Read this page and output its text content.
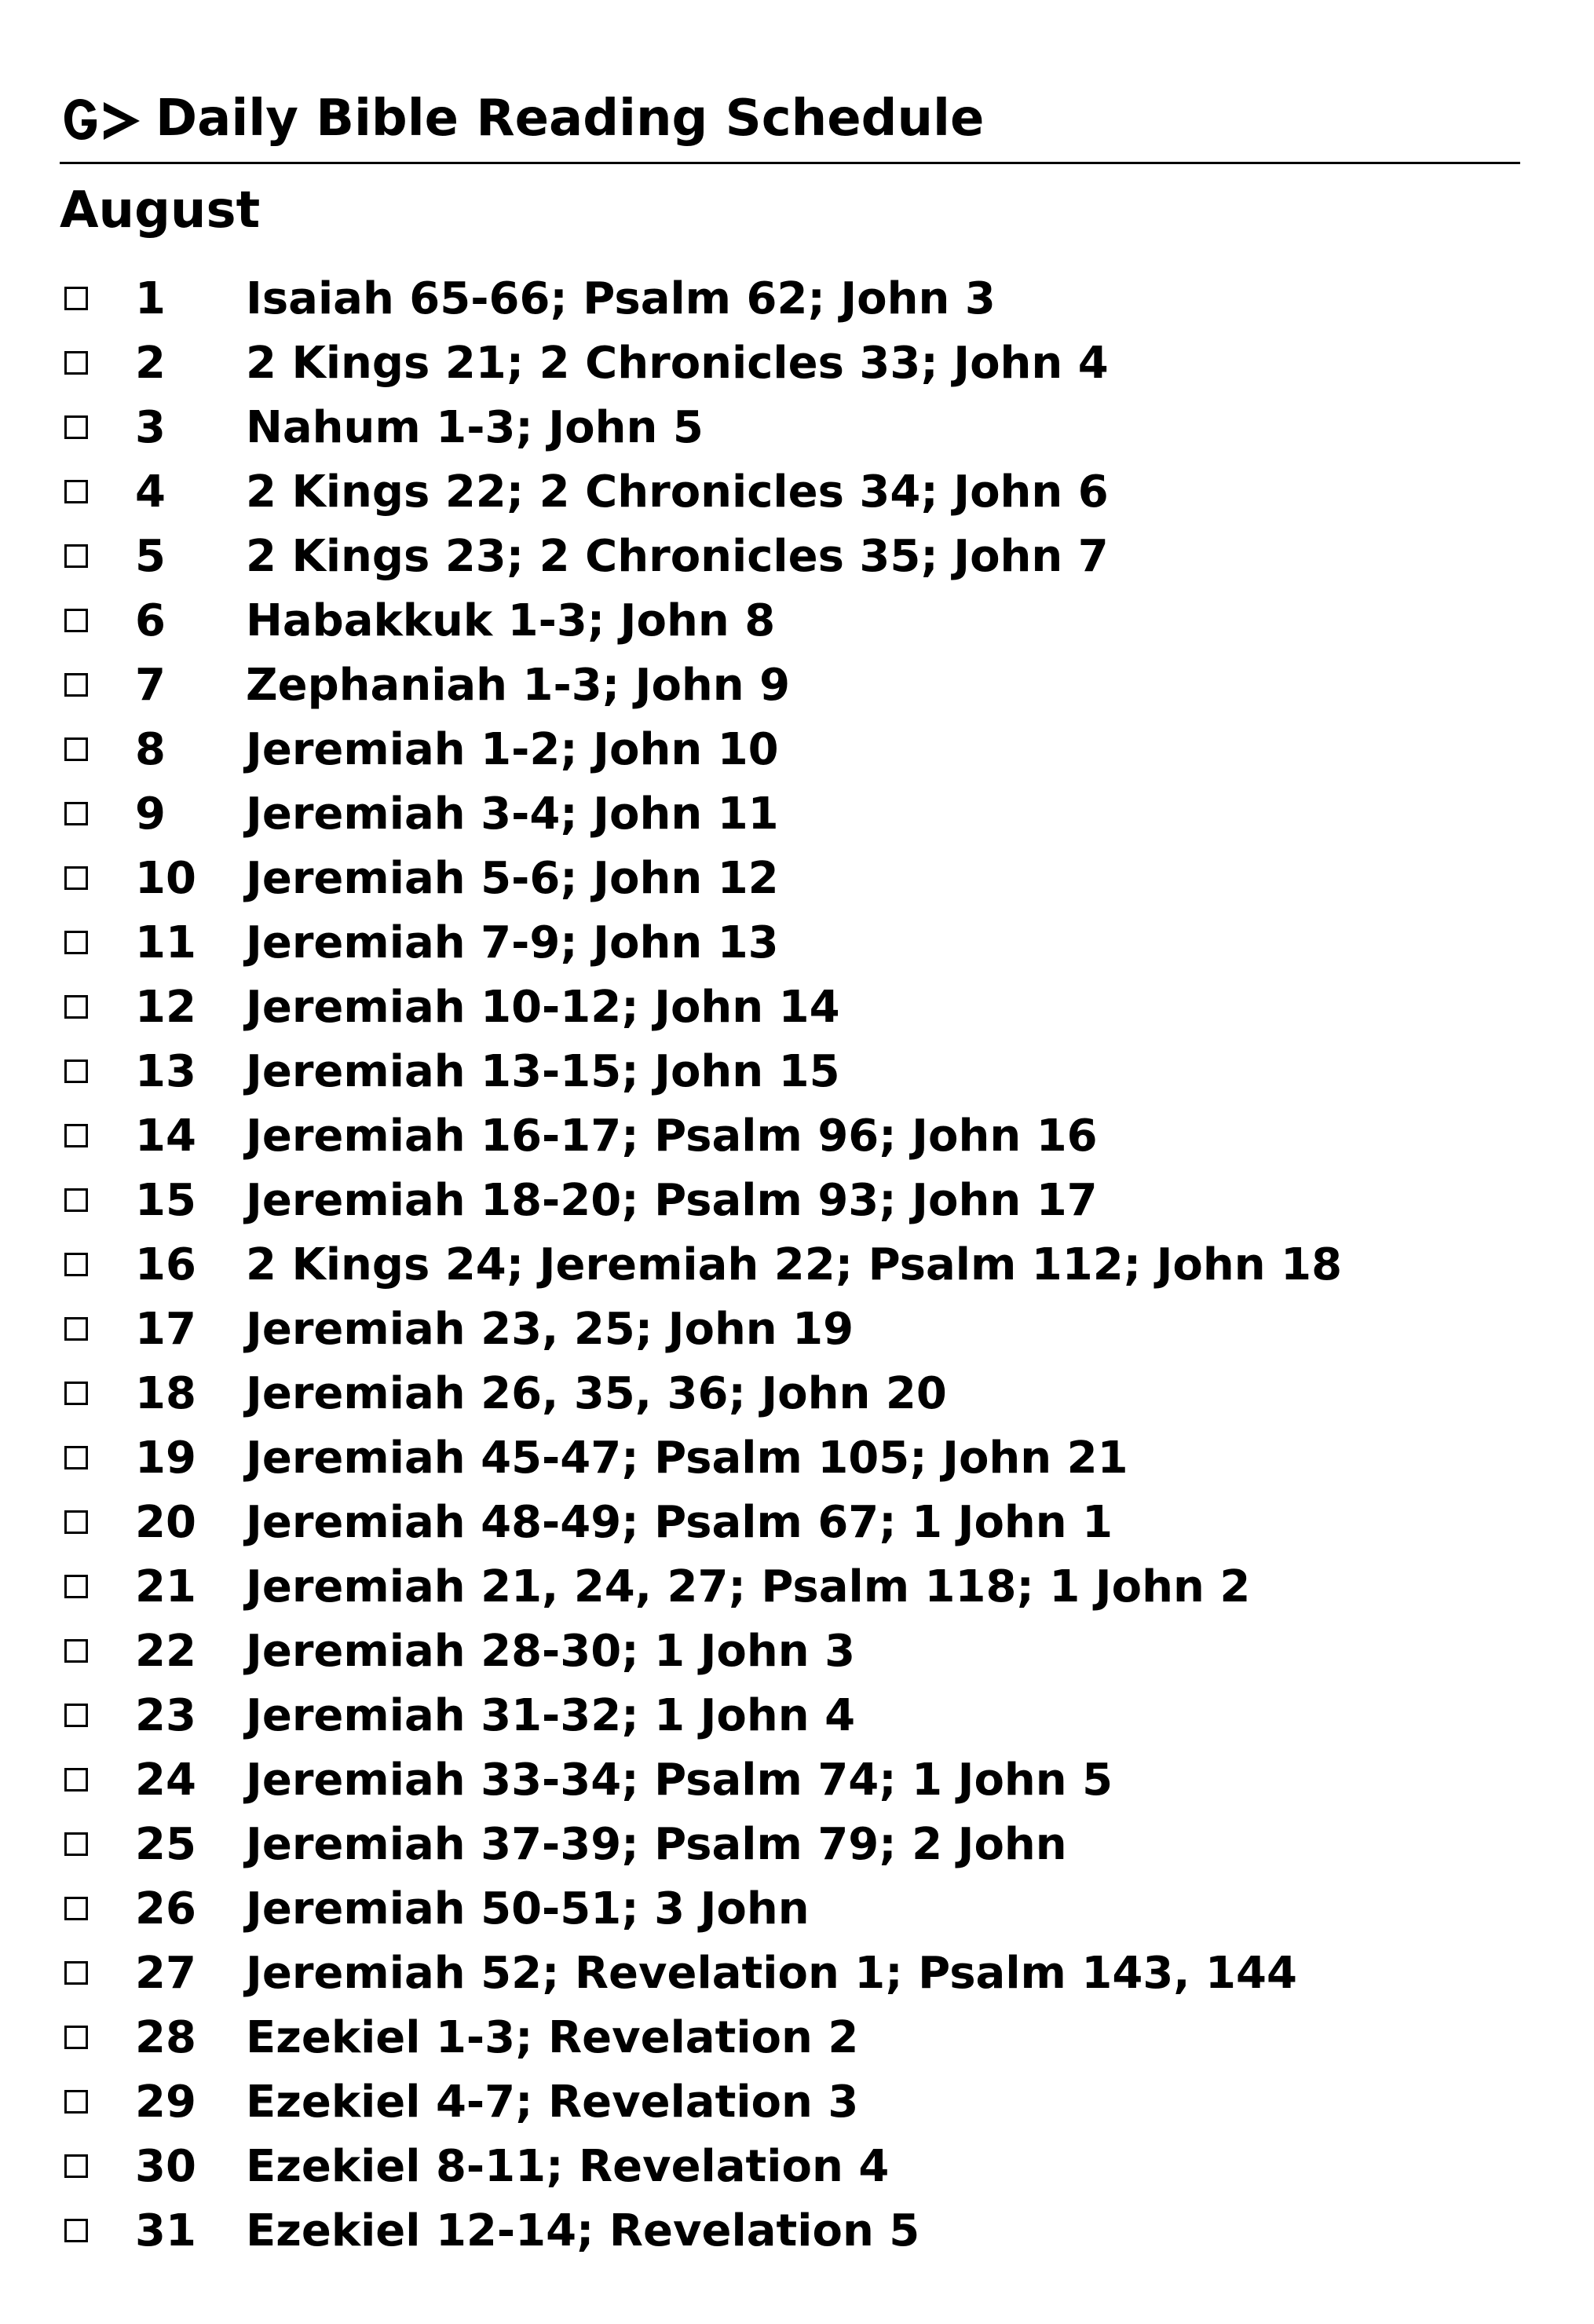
Daily Bible Reading Schedule
August
1 Isaiah 65-66; Psalm 62; John 3
2 2 Kings 21; 2 Chronicles 33; John 4
3 Nahum 1-3; John 5
4 2 Kings 22; 2 Chronicles 34; John 6
5 2 Kings 23; 2 Chronicles 35; John 7
6 Habakkuk 1-3; John 8
7 Zephaniah 1-3; John 9
8 Jeremiah 1-2; John 10
9 Jeremiah 3-4; John 11
10 Jeremiah 5-6; John 12
11 Jeremiah 7-9; John 13
12 Jeremiah 10-12; John 14
13 Jeremiah 13-15; John 15
14 Jeremiah 16-17; Psalm 96; John 16
15 Jeremiah 18-20; Psalm 93; John 17
16 2 Kings 24; Jeremiah 22; Psalm 112; John 18
17 Jeremiah 23, 25; John 19
18 Jeremiah 26, 35, 36; John 20
19 Jeremiah 45-47; Psalm 105; John 21
20 Jeremiah 48-49; Psalm 67; 1 John 1
21 Jeremiah 21, 24, 27; Psalm 118; 1 John 2
22 Jeremiah 28-30; 1 John 3
23 Jeremiah 31-32; 1 John 4
24 Jeremiah 33-34; Psalm 74; 1 John 5
25 Jeremiah 37-39; Psalm 79; 2 John
26 Jeremiah 50-51; 3 John
27 Jeremiah 52; Revelation 1; Psalm 143, 144
28 Ezekiel 1-3; Revelation 2
29 Ezekiel 4-7; Revelation 3
30 Ezekiel 8-11; Revelation 4
31 Ezekiel 12-14; Revelation 5
